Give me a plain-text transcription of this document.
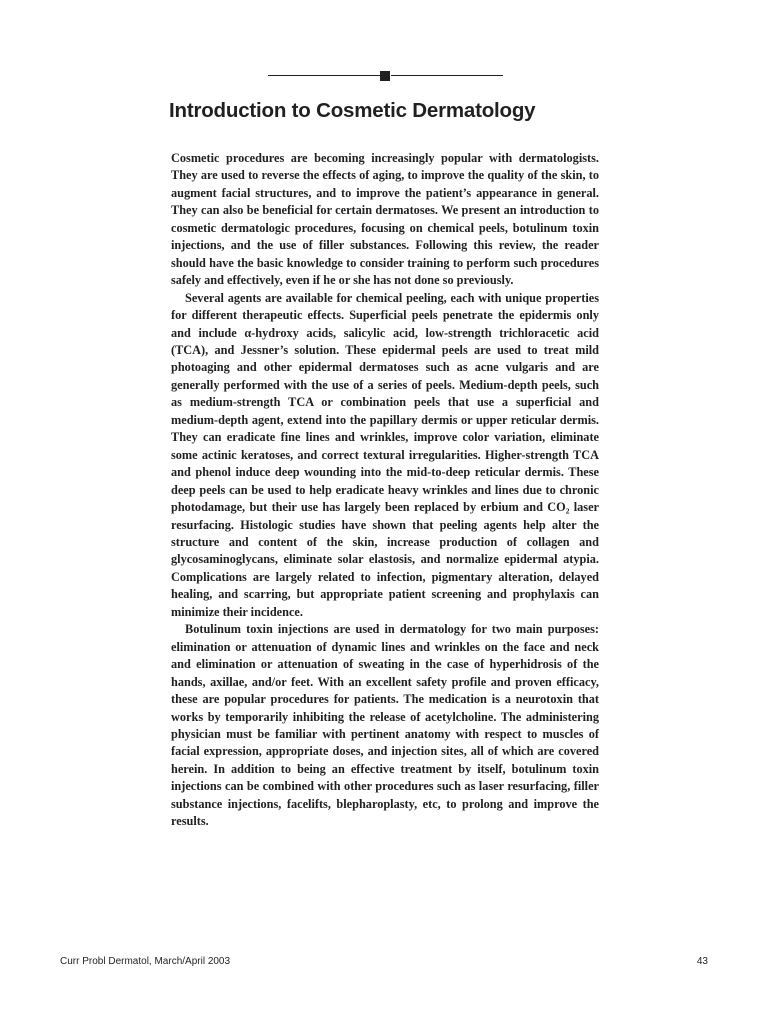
Introduction to Cosmetic Dermatology

Cosmetic procedures are becoming increasingly popular with dermatologists. They are used to reverse the effects of aging, to improve the quality of the skin, to augment facial structures, and to improve the patient’s appearance in general. They can also be beneficial for certain dermatoses. We present an introduction to cosmetic dermatologic procedures, focusing on chemical peels, botulinum toxin injections, and the use of filler substances. Following this review, the reader should have the basic knowledge to consider training to perform such procedures safely and effectively, even if he or she has not done so previously.

Several agents are available for chemical peeling, each with unique properties for different therapeutic effects. Superficial peels penetrate the epidermis only and include α-hydroxy acids, salicylic acid, low-strength trichloracetic acid (TCA), and Jessner’s solution. These epidermal peels are used to treat mild photoaging and other epidermal dermatoses such as acne vulgaris and are generally performed with the use of a series of peels. Medium-depth peels, such as medium-strength TCA or combination peels that use a superficial and medium-depth agent, extend into the papillary dermis or upper reticular dermis. They can eradicate fine lines and wrinkles, improve color variation, eliminate some actinic keratoses, and correct textural irregularities. Higher-strength TCA and phenol induce deep wounding into the mid-to-deep reticular dermis. These deep peels can be used to help eradicate heavy wrinkles and lines due to chronic photodamage, but their use has largely been replaced by erbium and CO₂ laser resurfacing. Histologic studies have shown that peeling agents help alter the structure and content of the skin, increase production of collagen and glycosaminoglycans, eliminate solar elastosis, and normalize epidermal atypia. Complications are largely related to infection, pigmentary alteration, delayed healing, and scarring, but appropriate patient screening and prophylaxis can minimize their incidence.

Botulinum toxin injections are used in dermatology for two main purposes: elimination or attenuation of dynamic lines and wrinkles on the face and neck and elimination or attenuation of sweating in the case of hyperhidrosis of the hands, axillae, and/or feet. With an excellent safety profile and proven efficacy, these are popular procedures for patients. The medication is a neurotoxin that works by temporarily inhibiting the release of acetylcholine. The administering physician must be familiar with pertinent anatomy with respect to muscles of facial expression, appropriate doses, and injection sites, all of which are covered herein. In addition to being an effective treatment by itself, botulinum toxin injections can be combined with other procedures such as laser resurfacing, filler substance injections, facelifts, blepharoplasty, etc, to prolong and improve the results.

Curr Probl Dermatol, March/April 2003	43
